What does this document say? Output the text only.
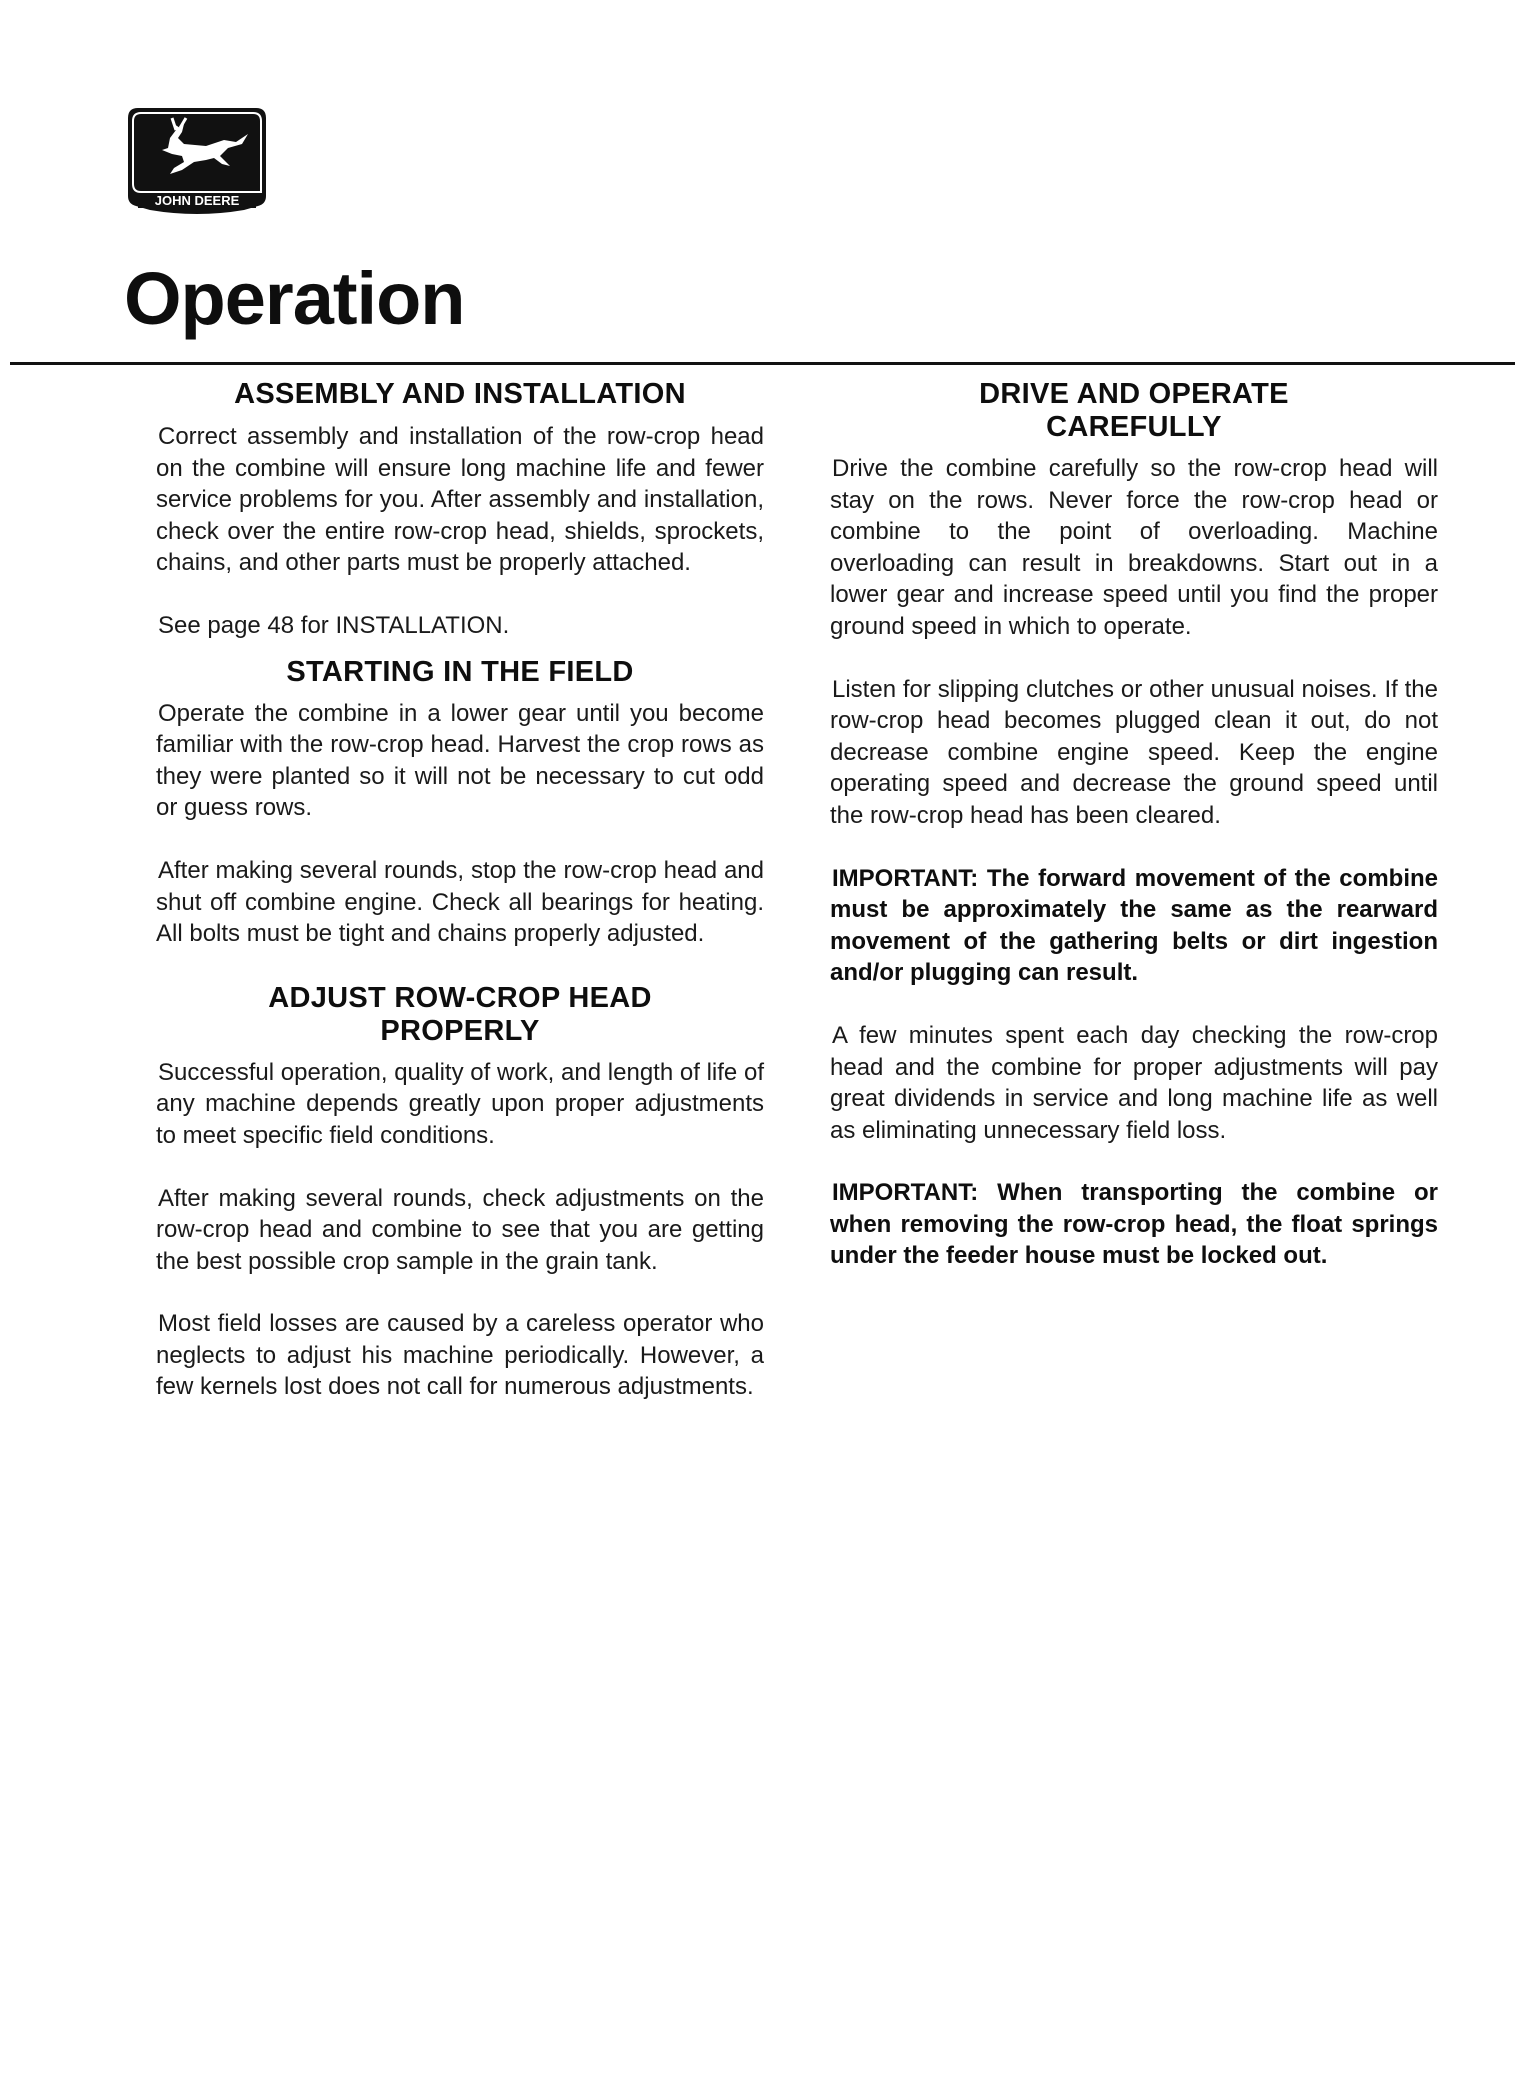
JOHN DEERE
Operation
ASSEMBLY AND INSTALLATION

Correct assembly and installation of the row-crop head on the combine will ensure long machine life and fewer service problems for you. After assembly and installation, check over the entire row-crop head, shields, sprockets, chains, and other parts must be properly attached.

See page 48 for INSTALLATION.

STARTING IN THE FIELD

Operate the combine in a lower gear until you become familiar with the row-crop head. Harvest the crop rows as they were planted so it will not be necessary to cut odd or guess rows.

After making several rounds, stop the row-crop head and shut off combine engine. Check all bearings for heating. All bolts must be tight and chains properly adjusted.

ADJUST ROW-CROP HEAD
PROPERLY

Successful operation, quality of work, and length of life of any machine depends greatly upon proper adjustments to meet specific field conditions.

After making several rounds, check adjustments on the row-crop head and combine to see that you are getting the best possible crop sample in the grain tank.

Most field losses are caused by a careless operator who neglects to adjust his machine periodically. However, a few kernels lost does not call for numerous adjustments.

DRIVE AND OPERATE
CAREFULLY

Drive the combine carefully so the row-crop head will stay on the rows. Never force the row-crop head or combine to the point of overloading. Machine overloading can result in breakdowns. Start out in a lower gear and increase speed until you find the proper ground speed in which to operate.

Listen for slipping clutches or other unusual noises. If the row-crop head becomes plugged clean it out, do not decrease combine engine speed. Keep the engine operating speed and decrease the ground speed until the row-crop head has been cleared.

IMPORTANT: The forward movement of the combine must be approximately the same as the rearward movement of the gathering belts or dirt ingestion and/or plugging can result.

A few minutes spent each day checking the row-crop head and the combine for proper adjustments will pay great dividends in service and long machine life as well as eliminating unnecessary field loss.

IMPORTANT: When transporting the combine or when removing the row-crop head, the float springs under the feeder house must be locked out.
